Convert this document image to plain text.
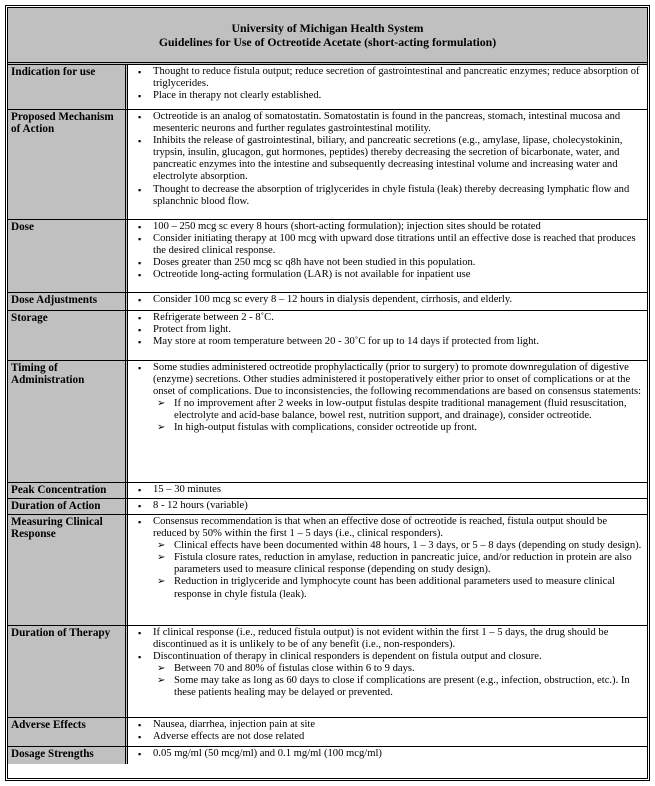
University of Michigan Health System
Guidelines for Use of Octreotide Acetate (short-acting formulation)
Indication for use	▪	Thought to reduce fistula output; reduce secretion of gastrointestinal and pancreatic enzymes; reduce absorption of triglycerides.
▪	Place in therapy not clearly established.
Proposed Mechanism of Action
▪	Octreotide is an analog of somatostatin. Somatostatin is found in the pancreas, stomach, intestinal mucosa and mesenteric neurons and further regulates gastrointestinal motility.
▪	Inhibits the release of gastrointestinal, biliary, and pancreatic secretions (e.g., amylase, lipase, cholecystokinin, trypsin, insulin, glucagon, gut hormones, peptides) thereby decreasing the secretion of bicarbonate, water, and pancreatic enzymes into the intestine and subsequently decreasing intestinal volume and increasing water and electrolyte absorption.
▪	Thought to decrease the absorption of triglycerides in chyle fistula (leak) thereby decreasing lymphatic flow and splanchnic blood flow.
Dose	▪	100 – 250 mcg sc every 8 hours (short-acting formulation); injection sites should be rotated
▪	Consider initiating therapy at 100 mcg with upward dose titrations until an effective dose is reached that produces the desired clinical response.
▪	Doses greater than 250 mcg sc q8h have not been studied in this population.
▪	Octreotide long-acting formulation (LAR) is not available for inpatient use
Dose Adjustments	▪	Consider 100 mcg sc every 8 – 12 hours in dialysis dependent, cirrhosis, and elderly.
Storage	▪	Refrigerate between 2 - 8˚C.
▪	Protect from light.
▪	May store at room temperature between 20 - 30˚C for up to 14 days if protected from light.
Timing of Administration
▪	Some studies administered octreotide prophylactically (prior to surgery) to promote downregulation of digestive (enzyme) secretions. Other studies administered it postoperatively either prior to onset of complications or at the onset of complications. Due to inconsistencies, the following recommendations are based on consensus statements:
➢ If no improvement after 2 weeks in low-output fistulas despite traditional management (fluid resuscitation, electrolyte and acid-base balance, bowel rest, nutrition support, and drainage), consider octreotide.
➢ In high-output fistulas with complications, consider octreotide up front.
Peak Concentration	▪	15 – 30 minutes
Duration of Action	▪	8 - 12 hours (variable)
Measuring Clinical Response
▪	Consensus recommendation is that when an effective dose of octreotide is reached, fistula output should be reduced by 50% within the first 1 – 5 days (i.e., clinical responders).
➢ Clinical effects have been documented within 48 hours, 1 – 3 days, or 5 – 8 days (depending on study design).
➢ Fistula closure rates, reduction in amylase, reduction in pancreatic juice, and/or reduction in protein are also parameters used to measure clinical response (depending on study design).
➢ Reduction in triglyceride and lymphocyte count has been additional parameters used to measure clinical response in chyle fistula (leak).
Duration of Therapy	▪	If clinical response (i.e., reduced fistula output) is not evident within the first 1 – 5 days, the drug should be discontinued as it is unlikely to be of any benefit (i.e., non-responders).
▪	Discontinuation of therapy in clinical responders is dependent on fistula output and closure.
➢ Between 70 and 80% of fistulas close within 6 to 9 days.
➢ Some may take as long as 60 days to close if complications are present (e.g., infection, obstruction, etc.). In these patients healing may be delayed or prevented.
Adverse Effects	▪	Nausea, diarrhea, injection pain at site
▪	Adverse effects are not dose related
Dosage Strengths	▪	0.05 mg/ml (50 mcg/ml) and 0.1 mg/ml (100 mcg/ml)
